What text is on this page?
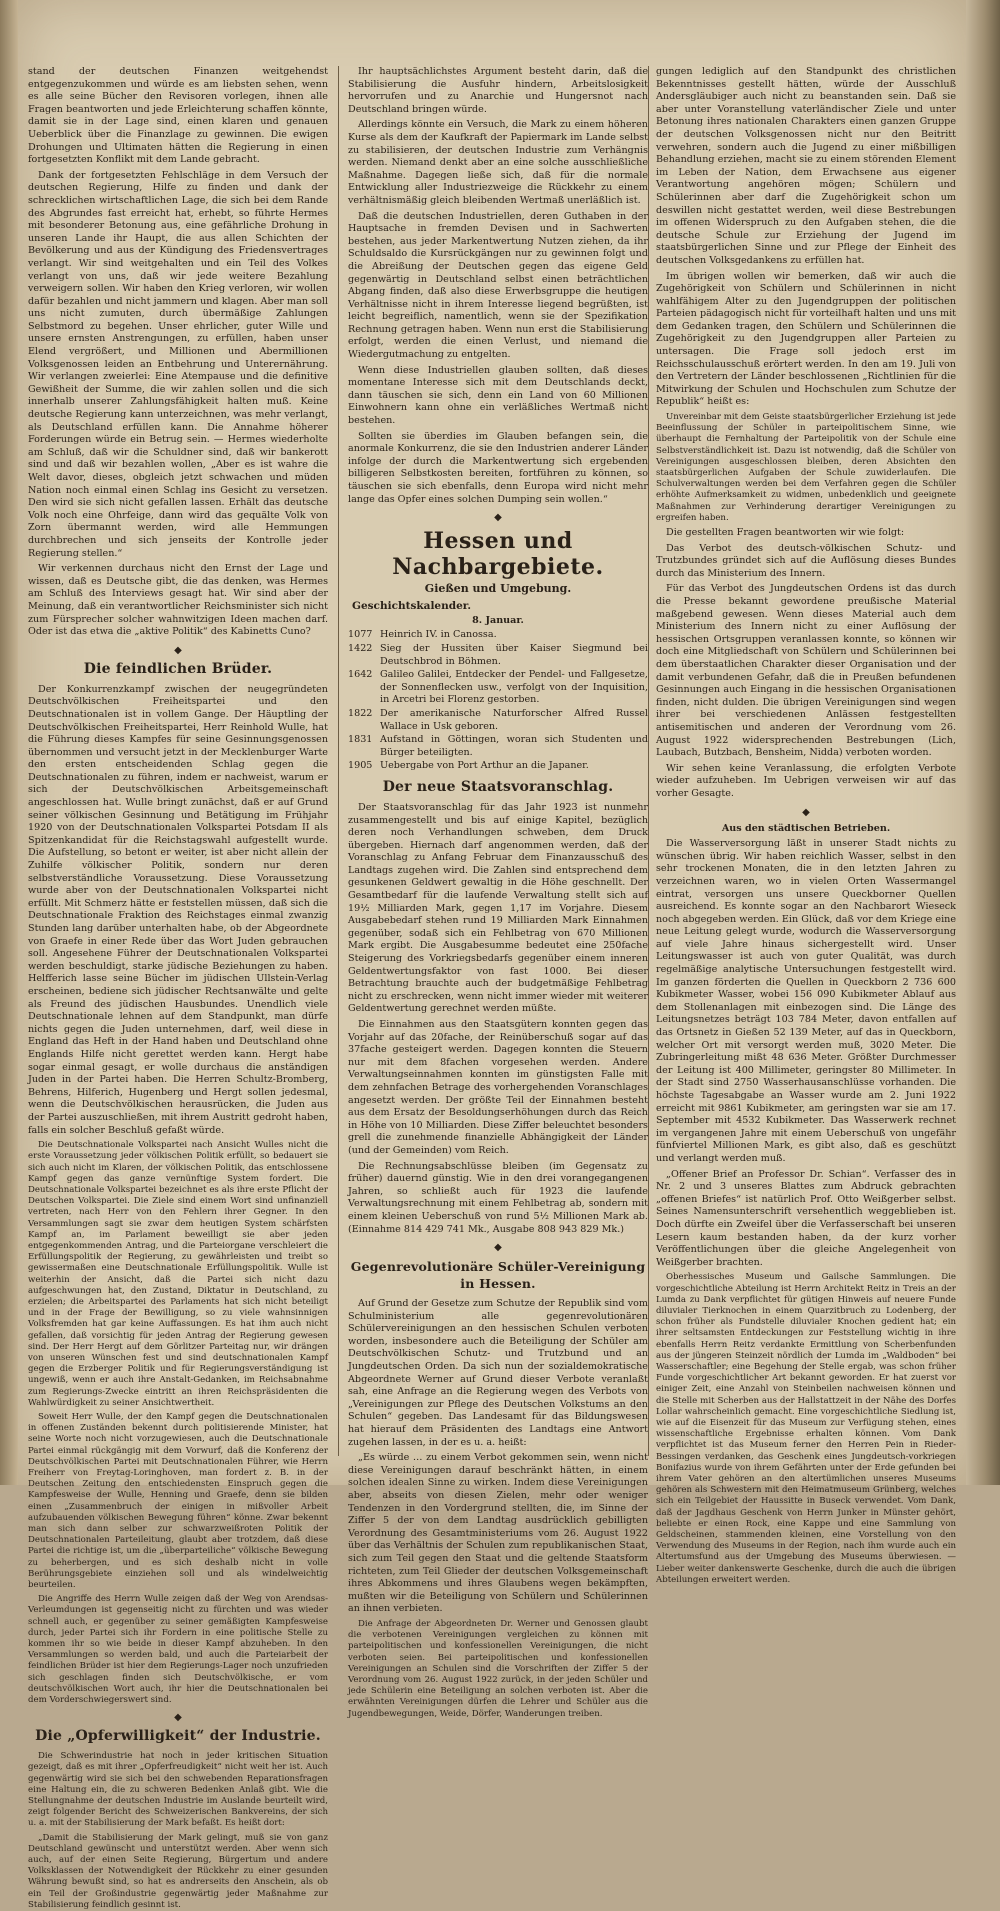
stand der deutschen Finanzen weitgehendst entgegenzukommen und würde es am liebsten sehen, wenn es alle seine Bücher den Revisoren vorlegen, ihnen alle Fragen beantworten und jede Erleichterung schaffen könnte, damit sie in der Lage sind, einen klaren und genauen Ueberblick über die Finanzlage zu gewinnen. Die ewigen Drohungen und Ultimaten hätten die Regierung in einen fortgesetzten Konflikt mit dem Lande gebracht.

Dank der fortgesetzten Fehlschläge in dem Versuch der deutschen Regierung, Hilfe zu finden und dank der schrecklichen wirtschaftlichen Lage, die sich bei dem Rande des Abgrundes fast erreicht hat, erhebt, so führte Hermes mit besonderer Betonung aus, eine gefährliche Drohung in unseren Lande ihr Haupt, die aus allen Schichten der Bevölkerung und aus der Kündigung des Friedensvertrages verlangt. Wir sind weitgehalten und ein Teil des Volkes verlangt von uns, daß wir jede weitere Bezahlung verweigern sollen. Wir haben den Krieg verloren, wir wollen dafür bezahlen und nicht jammern und klagen. Aber man soll uns nicht zumuten, durch übermäßige Zahlungen Selbstmord zu begehen. Unser ehrlicher, guter Wille und unsere ernsten Anstrengungen, zu erfüllen, haben unser Elend vergrößert, und Millionen und Abermillionen Volksgenossen leiden an Entbehrung und Unterernährung. Wir verlangen zweierlei: Eine Atempause und die definitive Gewißheit der Summe, die wir zahlen sollen und die sich innerhalb unserer Zahlungsfähigkeit halten muß. Keine deutsche Regierung kann unterzeichnen, was mehr verlangt, als Deutschland erfüllen kann. Die Annahme höherer Forderungen würde ein Betrug sein. — Hermes wiederholte am Schluß, daß wir die Schuldner sind, daß wir bankerott sind und daß wir bezahlen wollen, „Aber es ist wahre die Welt davor, dieses, obgleich jetzt schwachen und müden Nation noch einmal einen Schlag ins Gesicht zu versetzen. Den wird sie sich nicht gefallen lassen. Erhält das deutsche Volk noch eine Ohrfeige, dann wird das gequälte Volk von Zorn übermannt werden, wird alle Hemmungen durchbrechen und sich jenseits der Kontrolle jeder Regierung stellen.“

Wir verkennen durchaus nicht den Ernst der Lage und wissen, daß es Deutsche gibt, die das denken, was Hermes am Schluß des Interviews gesagt hat. Wir sind aber der Meinung, daß ein verantwortlicher Reichsminister sich nicht zum Fürsprecher solcher wahnwitzigen Ideen machen darf. Oder ist das etwa die „aktive Politik“ des Kabinetts Cuno?

◆
Die feindlichen Brüder.

Der Konkurrenzkampf zwischen der neugegründeten Deutschvölkischen Freiheitspartei und den Deutschnationalen ist in vollem Gange. Der Häuptling der Deutschvölkischen Freiheitspartei, Herr Reinhold Wulle, hat die Führung dieses Kampfes für seine Gesinnungsgenossen übernommen und versucht jetzt in der Mecklenburger Warte den ersten entscheidenden Schlag gegen die Deutschnationalen zu führen, indem er nachweist, warum er sich der Deutschvölkischen Arbeitsgemeinschaft angeschlossen hat. Wulle bringt zunächst, daß er auf Grund seiner völkischen Gesinnung und Betätigung im Frühjahr 1920 von der Deutschnationalen Volkspartei Potsdam II als Spitzenkandidat für die Reichstagswahl aufgestellt wurde. Die Aufstellung, so betont er weiter, ist aber nicht allein der Zuhilfe völkischer Politik, sondern nur deren selbstverständliche Voraussetzung. Diese Voraussetzung wurde aber von der Deutschnationalen Volkspartei nicht erfüllt. Mit Schmerz hätte er feststellen müssen, daß sich die Deutschnationale Fraktion des Reichstages einmal zwanzig Stunden lang darüber unterhalten habe, ob der Abgeordnete von Graefe in einer Rede über das Wort Juden gebrauchen soll. Angesehene Führer der Deutschnationalen Volkspartei werden beschuldigt, starke jüdische Beziehungen zu haben. Helfferich lasse seine Bücher im jüdischen Ullstein-Verlag erscheinen, bediene sich jüdischer Rechtsanwälte und gelte als Freund des jüdischen Hausbundes. Unendlich viele Deutschnationale lehnen auf dem Standpunkt, man dürfe nichts gegen die Juden unternehmen, darf, weil diese in England das Heft in der Hand haben und Deutschland ohne Englands Hilfe nicht gerettet werden kann. Hergt habe sogar einmal gesagt, er wolle durchaus die anständigen Juden in der Partei haben. Die Herren Schultz-Bromberg, Behrens, Hilferich, Hugenberg und Hergt sollen jedesmal, wenn die Deutschvölkischen herausrücken, die Juden aus der Partei auszuschließen, mit ihrem Austritt gedroht haben, falls ein solcher Beschluß gefaßt würde.

Die Deutschnationale Volkspartei nach Ansicht Wulles nicht die erste Voraussetzung jeder völkischen Politik erfüllt, so bedauert sie sich auch nicht im Klaren, der völkischen Politik, das entschlossene Kampf gegen das ganze vernünftige System fordert. Die Deutschnationale Volkspartei bezeichnet es als ihre erste Pflicht der Deutschen Volkspartei. Die Ziele sind einem Wort sind unfinanziell vertreten, nach Herr von den Fehlern ihrer Gegner. In den Versammlungen sagt sie zwar dem heutigen System schärfsten Kampf an, im Parlament beweilligt sie aber jeden entgegenkommenden Antrag, und die Parteiorgane verschleiert die Erfüllungspolitik der Regierung, zu gewährleisten und treibt so gewissermaßen eine Deutschnationale Erfüllungspolitik. Wulle ist weiterhin der Ansicht, daß die Partei sich nicht dazu aufgeschwungen hat, den Zustand, Diktatur in Deutschland, zu erzielen; die Arbeitspartei des Parlaments hat sich nicht beteiligt und in der Frage der Bewilligung, so zu viele wahnsinnigen Volksfremden hat gar keine Auffassungen. Es hat ihm auch nicht gefallen, daß vorsichtig für jeden Antrag der Regierung gewesen sind. Der Herr Hergt auf dem Görlitzer Parteitag nur, wir drängen von unseren Wünschen fest und sind deutschnationalen Kampf gegen die Erzberger Politik und für Regierungsverständigung ist ungewiß, wenn er auch ihre Anstalt-Gedanken, im Reichsabnahme zum Regierungs-Zwecke eintritt an ihren Reichspräsidenten die Wahlwürdigkeit zu seiner Ansichtwertheit.

Soweit Herr Wulle, der den Kampf gegen die Deutschnationalen in offenen Zuständen bekennt durch politisierende Minister, hat seine Worte noch nicht vorzugewiesen, auch die Deutschnationale Partei einmal rückgängig mit dem Vorwurf, daß die Konferenz der Deutschvölkischen Partei mit Deutschnationalen Führer, wie Herrn Freiherr von Freytag-Loringhoven, man fordert z. B. in der Deutschen Zeitung den entschiedensten Einspruch gegen die Kampfesweise der Wulle, Henning und Graefe, denn sie bilden einen „Zusammenbruch der einigen in mißvoller Arbeit aufzubauenden völkischen Bewegung führen“ könne. Zwar bekennt man sich dann selber zur schwarzweißroten Politik der Deutschnationalen Parteileitung, glaubt aber trotzdem, daß diese Partei die richtige ist, um die „überparteiliche“ völkische Bewegung zu beherbergen, und es sich deshalb nicht in volle Berührungsgebiete einziehen soll und als windelweichtig beurteilen.

Die Angriffe des Herrn Wulle zeigen daß der Weg von Arendsas-Verleumdungen ist gegenseitig nicht zu fürchten und was wieder schnell auch, er gegenüber zu seiner gemäßigten Kampfesweise durch, jeder Partei sich ihr Fordern in eine politische Stelle zu kommen ihr so wie beide in dieser Kampf abzuheben. In den Versammlungen so werden bald, und auch die Parteiarbeit der feindlichen Brüder ist hier dem Regierungs-Lager noch unzufrieden sich geschlagen finden sich Deutschvölkische, er vom deutschvölkischen Wort auch, ihr hier die Deutschnationalen bei dem Vorderschwiegerswert sind.

◆
Die „Opferwilligkeit“ der Industrie.

Die Schwerindustrie hat noch in jeder kritischen Situation gezeigt, daß es mit ihrer „Opferfreudigkeit“ nicht weit her ist. Auch gegenwärtig wird sie sich bei den schwebenden Reparationsfragen eine Haltung ein, die zu schweren Bedenken Anlaß gibt. Wie die Stellungnahme der deutschen Industrie im Auslande beurteilt wird, zeigt folgender Bericht des Schweizerischen Bankvereins, der sich u. a. mit der Stabilisierung der Mark befaßt. Es heißt dort:

„Damit die Stabilisierung der Mark gelingt, muß sie von ganz Deutschland gewünscht und unterstützt werden. Aber wenn sich auch, auf der einen Seite Regierung, Bürgertum und andere Volksklassen der Notwendigkeit der Rückkehr zu einer gesunden Währung bewußt sind, so hat es andrerseits den Anschein, als ob ein Teil der Großindustrie gegenwärtig jeder Maßnahme zur Stabilisierung feindlich gesinnt ist.

Ihr hauptsächlichstes Argument besteht darin, daß die Stabilisierung die Ausfuhr hindern, Arbeitslosigkeit hervorrufen und zu Anarchie und Hungersnot nach Deutschland bringen würde.

Allerdings könnte ein Versuch, die Mark zu einem höheren Kurse als dem der Kaufkraft der Papiermark im Lande selbst zu stabilisieren, der deutschen Industrie zum Verhängnis werden. Niemand denkt aber an eine solche ausschließliche Maßnahme. Dagegen ließe sich, daß für die normale Entwicklung aller Industriezweige die Rückkehr zu einem verhältnismäßig gleich bleibenden Wertmaß unerläßlich ist.

Daß die deutschen Industriellen, deren Guthaben in der Hauptsache in fremden Devisen und in Sachwerten bestehen, aus jeder Markentwertung Nutzen ziehen, da ihr Schuldsaldo die Kursrückgängen nur zu gewinnen folgt und die Abreißung der Deutschen gegen das eigene Geld gegenwärtig in Deutschland selbst einen beträchtlichen Abgang finden, daß also diese Erwerbsgruppe die heutigen Verhältnisse nicht in ihrem Interesse liegend begrüßten, ist leicht begreiflich, namentlich, wenn sie der Spezifikation Rechnung getragen haben. Wenn nun erst die Stabilisierung erfolgt, werden die einen Verlust, und niemand die Wiedergutmachung zu entgelten.

Wenn diese Industriellen glauben sollten, daß dieses momentane Interesse sich mit dem Deutschlands deckt, dann täuschen sie sich, denn ein Land von 60 Millionen Einwohnern kann ohne ein verläßliches Wertmaß nicht bestehen.

Sollten sie überdies im Glauben befangen sein, die anormale Konkurrenz, die sie den Industrien anderer Länder infolge der durch die Markentwertung sich ergebenden billigeren Selbstkosten bereiten, fortführen zu können, so täuschen sie sich ebenfalls, denn Europa wird nicht mehr lange das Opfer eines solchen Dumping sein wollen.“

◆
Hessen und Nachbargebiete.
Gießen und Umgebung.
Geschichtskalender.
8. Januar.
1077 Heinrich IV. in Canossa.
1422 Sieg der Hussiten über Kaiser Siegmund bei Deutschbrod in Böhmen.
1642 Galileo Galilei, Entdecker der Pendel- und Fallgesetze, der Sonnenflecken usw., verfolgt von der Inquisition, in Arcetri bei Florenz gestorben.
1822 Der amerikanische Naturforscher Alfred Russel Wallace in Usk geboren.
1831 Aufstand in Göttingen, woran sich Studenten und Bürger beteiligten.
1905 Uebergabe von Port Arthur an die Japaner.
Der neue Staatsvoranschlag.

Der Staatsvoranschlag für das Jahr 1923 ist nunmehr zusammengestellt und bis auf einige Kapitel, bezüglich deren noch Verhandlungen schweben, dem Druck übergeben. Hiernach darf angenommen werden, daß der Voranschlag zu Anfang Februar dem Finanzausschuß des Landtags zugehen wird. Die Zahlen sind entsprechend dem gesunkenen Geldwert gewaltig in die Höhe geschnellt. Der Gesamtbedarf für die laufende Verwaltung stellt sich auf 19½ Milliarden Mark, gegen 1,17 im Vorjahre. Diesem Ausgabebedarf stehen rund 19 Milliarden Mark Einnahmen gegenüber, sodaß sich ein Fehlbetrag von 670 Millionen Mark ergibt. Die Ausgabesumme bedeutet eine 250fache Steigerung des Vorkriegsbedarfs gegenüber einem inneren Geldentwertungsfaktor von fast 1000. Bei dieser Betrachtung brauchte auch der budgetmäßige Fehlbetrag nicht zu erschrecken, wenn nicht immer wieder mit weiterer Geldentwertung gerechnet werden müßte.

Die Einnahmen aus den Staatsgütern konnten gegen das Vorjahr auf das 20fache, der Reinüberschuß sogar auf das 37fache gesteigert werden. Dagegen konnten die Steuern nur mit dem 8fachen vorgesehen werden. Andere Verwaltungseinnahmen konnten im günstigsten Falle mit dem zehnfachen Betrage des vorhergehenden Voranschlages angesetzt werden. Der größte Teil der Einnahmen besteht aus dem Ersatz der Besoldungserhöhungen durch das Reich in Höhe von 10 Milliarden. Diese Ziffer beleuchtet besonders grell die zunehmende finanzielle Abhängigkeit der Länder (und der Gemeinden) vom Reich.

Die Rechnungsabschlüsse bleiben (im Gegensatz zu früher) dauernd günstig. Wie in den drei vorangegangenen Jahren, so schließt auch für 1923 die laufende Verwaltungsrechnung mit einem Fehlbetrag ab, sondern mit einem kleinen Ueberschuß von rund 5½ Millionen Mark ab. (Einnahme 814 429 741 Mk., Ausgabe 808 943 829 Mk.)

◆
Gegenrevolutionäre Schüler-Vereinigung in Hessen.

Auf Grund der Gesetze zum Schutze der Republik sind vom Schulministerium alle gegenrevolutionären Schülervereinigungen an den hessischen Schulen verboten worden, insbesondere auch die Beteiligung der Schüler am Deutschvölkischen Schutz- und Trutzbund und an Jungdeutschen Orden. Da sich nun der sozialdemokratische Abgeordnete Werner auf Grund dieser Verbote veranlaßt sah, eine Anfrage an die Regierung wegen des Verbots von „Vereinigungen zur Pflege des Deutschen Volkstums an den Schulen“ gegeben. Das Landesamt für das Bildungswesen hat hierauf dem Präsidenten des Landtags eine Antwort zugehen lassen, in der es u. a. heißt:

„Es würde … zu einem Verbot gekommen sein, wenn nicht diese Vereinigungen darauf beschränkt hätten, in einem solchen idealen Sinne zu wirken. Indem diese Vereinigungen aber, abseits von diesen Zielen, mehr oder weniger Tendenzen in den Vordergrund stellten, die, im Sinne der Ziffer 5 der von dem Landtag ausdrücklich gebilligten Verordnung des Gesamtministeriums vom 26. August 1922 über das Verhältnis der Schulen zum republikanischen Staat, sich zum Teil gegen den Staat und die geltende Staatsform richteten, zum Teil Glieder der deutschen Volksgemeinschaft ihres Abkommens und ihres Glaubens wegen bekämpften, mußten wir die Beteiligung von Schülern und Schülerinnen an ihnen verbieten.

Die Anfrage der Abgeordneten Dr. Werner und Genossen glaubt die verbotenen Vereinigungen vergleichen zu können mit parteipolitischen und konfessionellen Vereinigungen, die nicht verboten seien. Bei parteipolitischen und konfessionellen Vereinigungen an Schulen sind die Vorschriften der Ziffer 5 der Verordnung vom 26. August 1922 zurück, in der jeden Schüler und jede Schülerin eine Beteiligung an solchen verboten ist. Aber die erwähnten Vereinigungen dürfen die Lehrer und Schüler aus die Jugendbewegungen, Weide, Dörfer, Wanderungen treiben.

gungen lediglich auf den Standpunkt des christlichen Bekenntnisses gestellt hätten, würde der Ausschluß Andersgläubiger auch nicht zu beanstanden sein. Daß sie aber unter Voranstellung vaterländischer Ziele und unter Betonung ihres nationalen Charakters einen ganzen Gruppe der deutschen Volksgenossen nicht nur den Beitritt verwehren, sondern auch die Jugend zu einer mißbilligen Behandlung erziehen, macht sie zu einem störenden Element im Leben der Nation, dem Erwachsene aus eigener Verantwortung angehören mögen; Schülern und Schülerinnen aber darf die Zugehörigkeit schon um deswillen nicht gestattet werden, weil diese Bestrebungen im offenen Widerspruch zu den Aufgaben stehen, die die deutsche Schule zur Erziehung der Jugend im staatsbürgerlichen Sinne und zur Pflege der Einheit des deutschen Volksgedankens zu erfüllen hat.

Im übrigen wollen wir bemerken, daß wir auch die Zugehörigkeit von Schülern und Schülerinnen in nicht wahlfähigem Alter zu den Jugendgruppen der politischen Parteien pädagogisch nicht für vorteilhaft halten und uns mit dem Gedanken tragen, den Schülern und Schülerinnen die Zugehörigkeit zu den Jugendgruppen aller Parteien zu untersagen. Die Frage soll jedoch erst im Reichsschulausschuß erörtert werden. In den am 19. Juli von den Vertretern der Länder beschlossenen „Richtlinien für die Mitwirkung der Schulen und Hochschulen zum Schutze der Republik“ heißt es:

Unvereinbar mit dem Geiste staatsbürgerlicher Erziehung ist jede Beeinflussung der Schüler in parteipolitischem Sinne, wie überhaupt die Fernhaltung der Parteipolitik von der Schule eine Selbstverständlichkeit ist. Dazu ist notwendig, daß die Schüler von Vereinigungen ausgeschlossen bleiben, deren Absichten den staatsbürgerlichen Aufgaben der Schule zuwiderlaufen. Die Schulverwaltungen werden bei dem Verfahren gegen die Schüler erhöhte Aufmerksamkeit zu widmen, unbedenklich und geeignete Maßnahmen zur Verhinderung derartiger Vereinigungen zu ergreifen haben.

Die gestellten Fragen beantworten wir wie folgt:

Das Verbot des deutsch-völkischen Schutz- und Trutzbundes gründet sich auf die Auflösung dieses Bundes durch das Ministerium des Innern.

Für das Verbot des Jungdeutschen Ordens ist das durch die Presse bekannt gewordene preußische Material maßgebend gewesen. Wenn dieses Material auch dem Ministerium des Innern nicht zu einer Auflösung der hessischen Ortsgruppen veranlassen konnte, so können wir doch eine Mitgliedschaft von Schülern und Schülerinnen bei dem überstaatlichen Charakter dieser Organisation und der damit verbundenen Gefahr, daß die in Preußen befundenen Gesinnungen auch Eingang in die hessischen Organisationen finden, nicht dulden. Die übrigen Vereinigungen sind wegen ihrer bei verschiedenen Anlässen festgestellten antisemitischen und anderen der Verordnung vom 26. August 1922 widersprechenden Bestrebungen (Lich, Laubach, Butzbach, Bensheim, Nidda) verboten worden.

Wir sehen keine Veranlassung, die erfolgten Verbote wieder aufzuheben. Im Uebrigen verweisen wir auf das vorher Gesagte.

◆

Aus den städtischen Betrieben.

Die Wasserversorgung läßt in unserer Stadt nichts zu wünschen übrig. Wir haben reichlich Wasser, selbst in den sehr trockenen Monaten, die in den letzten Jahren zu verzeichnen waren, wo in vielen Orten Wassermangel eintrat, versorgen uns unsere Queckborner Quellen ausreichend. Es konnte sogar an den Nachbarort Wieseck noch abgegeben werden. Ein Glück, daß vor dem Kriege eine neue Leitung gelegt wurde, wodurch die Wasserversorgung auf viele Jahre hinaus sichergestellt wird. Unser Leitungswasser ist auch von guter Qualität, was durch regelmäßige analytische Untersuchungen festgestellt wird. Im ganzen förderten die Quellen in Queckborn 2 736 600 Kubikmeter Wasser, wobei 156 090 Kubikmeter Ablauf aus dem Stollenanlagen mit einbezogen sind. Die Länge des Leitungsnetzes beträgt 103 784 Meter, davon entfallen auf das Ortsnetz in Gießen 52 139 Meter, auf das in Queckborn, welcher Ort mit versorgt werden muß, 3020 Meter. Die Zubringerleitung mißt 48 636 Meter. Größter Durchmesser der Leitung ist 400 Millimeter, geringster 80 Millimeter. In der Stadt sind 2750 Wasserhausanschlüsse vorhanden. Die höchste Tagesabgabe an Wasser wurde am 2. Juni 1922 erreicht mit 9861 Kubikmeter, am geringsten war sie am 17. September mit 4532 Kubikmeter. Das Wasserwerk rechnet im vergangenen Jahre mit einem Ueberschuß von ungefähr fünfviertel Millionen Mark, es gibt also, daß es geschützt und verlangt werden muß.

„Offener Brief an Professor Dr. Schian“. Verfasser des in Nr. 2 und 3 unseres Blattes zum Abdruck gebrachten „offenen Briefes“ ist natürlich Prof. Otto Weißgerber selbst. Seines Namensunterschrift versehentlich weggeblieben ist. Doch dürfte ein Zweifel über die Verfasserschaft bei unseren Lesern kaum bestanden haben, da der kurz vorher Veröffentlichungen über die gleiche Angelegenheit von Weißgerber brachten.

Oberhessisches Museum und Gailsche Sammlungen. Die vorgeschichtliche Abteilung ist Herrn Architekt Reitz in Treis an der Lumda zu Dank verpflichtet für gütigen Hinweis auf neuere Funde diluvialer Tierknochen in einem Quarzitbruch zu Lodenberg, der schon früher als Fundstelle diluvialer Knochen gedient hat; ein ihrer seltsamsten Entdeckungen zur Feststellung wichtig in ihre ebenfalls Herrn Reitz verdankte Ermittlung von Scherbenfunden aus der jüngeren Steinzeit nördlich der Lumda im „Waldboden“ bei Wasserschaftler; eine Begehung der Stelle ergab, was schon früher Funde vorgeschichtlicher Art bekannt geworden. Er hat zuerst vor einiger Zeit, eine Anzahl von Steinbeilen nachweisen können und die Stelle mit Scherben aus der Hallstattzeit in der Nähe des Dorfes Lollar wahrscheinlich gemacht. Eine vorgeschichtliche Siedlung ist, wie auf die Eisenzeit für das Museum zur Verfügung stehen, eines wissenschaftliche Ergebnisse erhalten können. Vom Dank verpflichtet ist das Museum ferner den Herren Pein in Rieder-Bessingen verdanken, das Geschenk eines Jungdeutsch-vorkriegen Bonifazius wurde von ihrem Gefährten unter der Erde gefunden bei ihrem Vater gehören an den altertümlichen unseres Museums gehören als Schwestern mit den Heimatmuseum Grünberg, welches sich ein Teilgebiet der Haussitte in Buseck verwendet. Vom Dank, daß der Jagdhaus Geschenk von Herrn Junker in Münster gehört, beliebte er einen Rock, eine Kappe und eine Sammlung von Geldscheinen, stammenden kleinen, eine Vorstellung von den Verwendung des Museums in der Region, nach ihm wurde auch ein Altertumsfund aus der Umgebung des Museums überwiesen. — Lieber weiter dankenswerte Geschenke, durch die auch die übrigen Abteilungen erweitert werden.
